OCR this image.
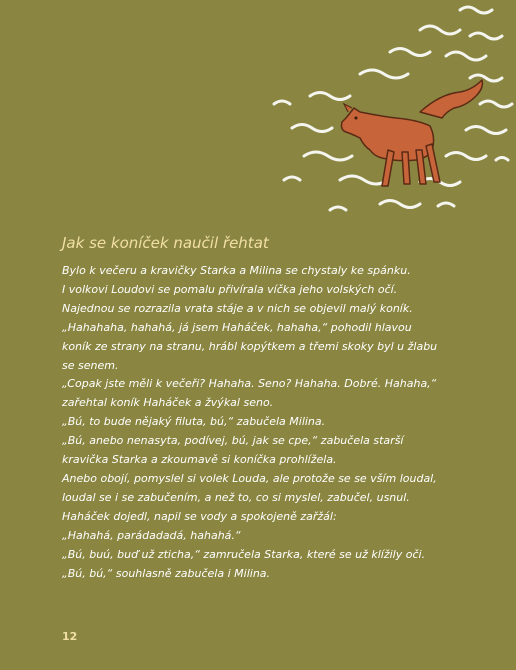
Jak se koníček naučil řehtat
Bylo k večeru a kravičky Starka a Milina se chystaly ke spánku.
I volkovi Loudovi se pomalu přivírala víčka jeho volských očí.
Najednou se rozrazila vrata stáje a v nich se objevil malý koník.
„Hahahaha, hahahá, já jsem Haháček, hahaha,“ pohodil hlavou
koník ze strany na stranu, hrábl kopýtkem a třemi skoky byl u žlabu
se senem.
„Copak jste měli k večeři? Hahaha. Seno? Hahaha. Dobré. Hahaha,“
zařehtal koník Haháček a žvýkal seno.
„Bú, to bude nějaký filuta, bú,“ zabučela Milina.
„Bú, anebo nenasyta, podívej, bú, jak se cpe,“ zabučela starší
kravička Starka a zkoumavě si koníčka prohlížela.
Anebo obojí, pomyslel si volek Louda, ale protože se se vším loudal,
loudal se i se zabučením, a než to, co si myslel, zabučel, usnul.
Haháček dojedl, napil se vody a spokojeně zařžál:
„Hahahá, parádadadá, hahahá.“
„Bú, buú, buď už zticha,“ zamručela Starka, které se už klížily oči.
„Bú, bú,“ souhlasně zabučela i Milina.
12
